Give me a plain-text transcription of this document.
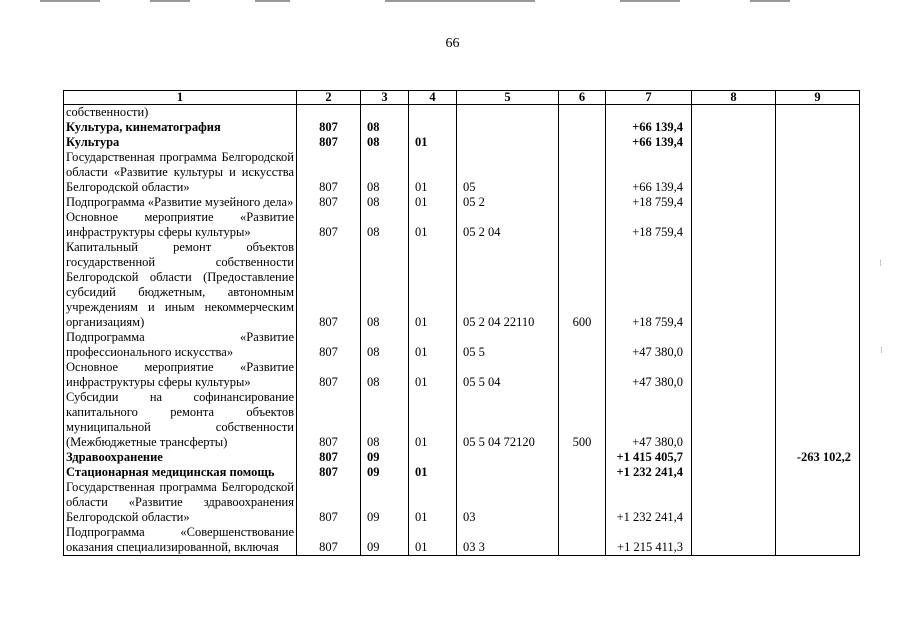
66
1	2	3	4	5	6	7	8	9
собственности)								
Культура, кинематография	807	08				+66 139,4		
Культура	807	08	01			+66 139,4		
Государственная программа Белгородской области «Развитие культуры и искусства Белгородской области»	807	08	01	05		+66 139,4		
Подпрограмма «Развитие музейного дела»	807	08	01	05 2		+18 759,4		
Основное мероприятие «Развитие инфраструктуры сферы культуры»	807	08	01	05 2 04		+18 759,4		
Капитальный ремонт объектов государственной собственности Белгородской области (Предоставление субсидий бюджетным, автономным учреждениям и иным некоммерческим организациям)	807	08	01	05 2 04 22110	600	+18 759,4		
Подпрограмма «Развитие профессионального искусства»	807	08	01	05 5		+47 380,0		
Основное мероприятие «Развитие инфраструктуры сферы культуры»	807	08	01	05 5 04		+47 380,0		
Субсидии на софинансирование капитального ремонта объектов муниципальной собственности (Межбюджетные трансферты)	807	08	01	05 5 04 72120	500	+47 380,0		
Здравоохранение	807	09				+1 415 405,7		-263 102,2
Стационарная медицинская помощь	807	09	01			+1 232 241,4		
Государственная программа Белгородской области «Развитие здравоохранения Белгородской области»	807	09	01	03		+1 232 241,4		
Подпрограмма «Совершенствование оказания специализированной, включая	807	09	01	03 3		+1 215 411,3		
⁝
⁝
